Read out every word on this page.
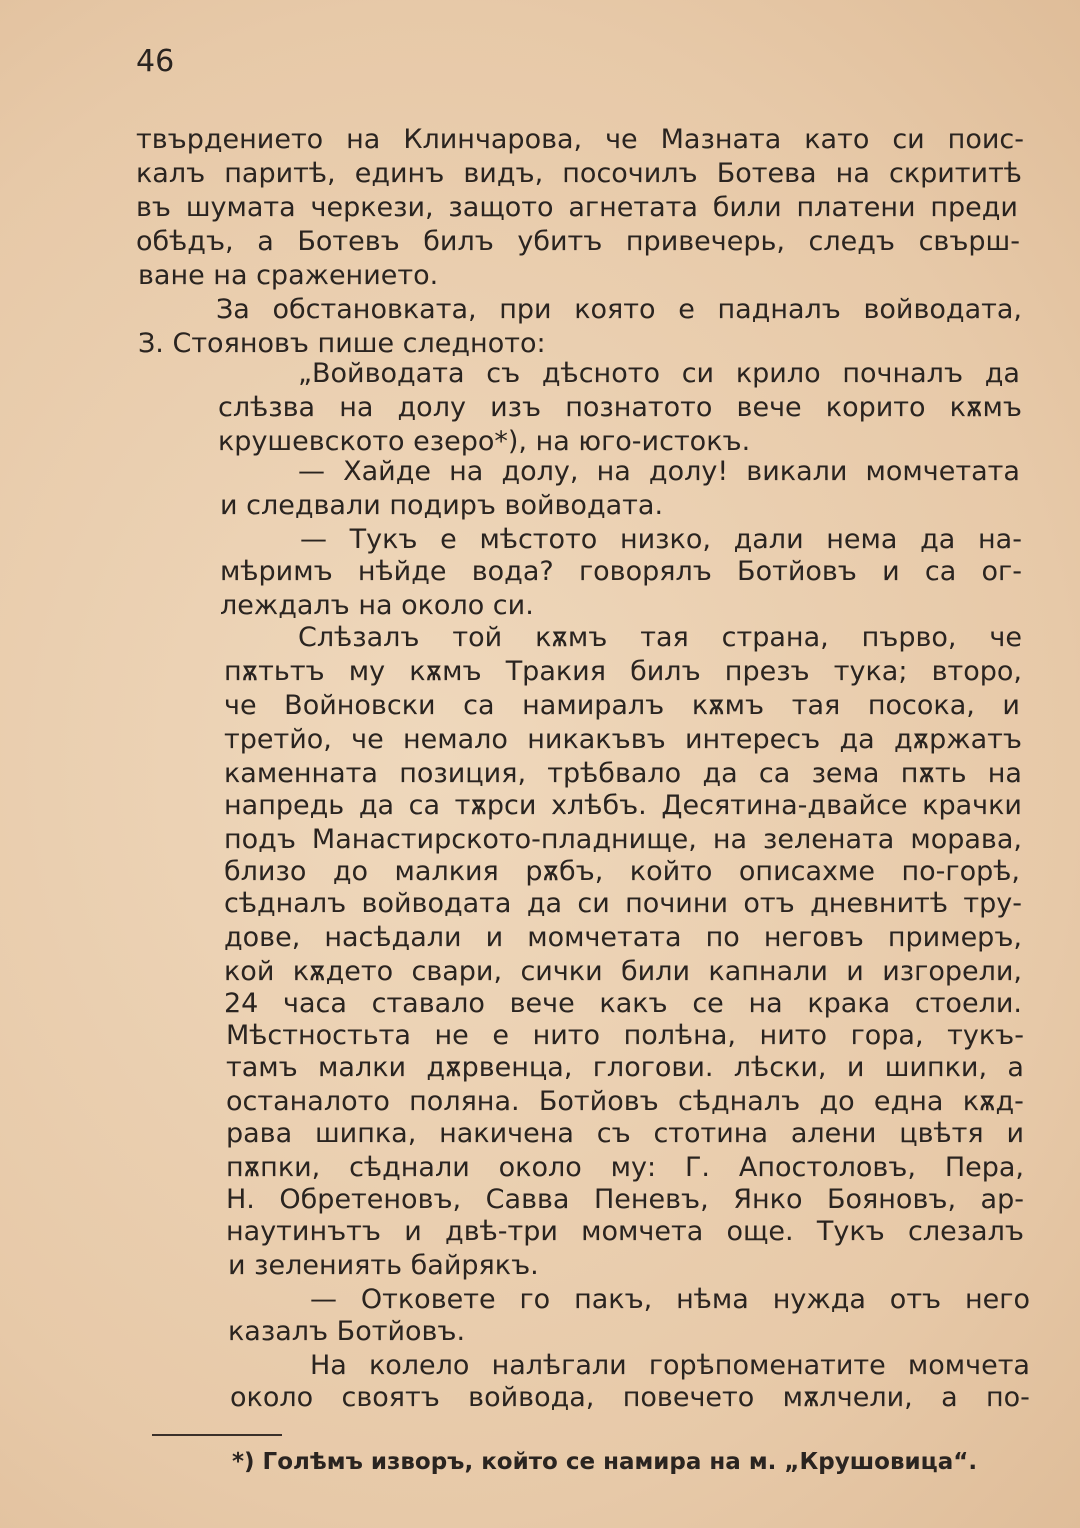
46
твърдението на Клинчарова, че Мазната като си поис-
калъ паритѣ, единъ видъ, посочилъ Ботева на скрититѣ
въ шумата черкези, защото агнетата били платени преди
обѣдъ, а Ботевъ билъ убитъ привечерь, следъ свърш-
ване на сражението.
За обстановката, при която е падналъ войводата,
З. Стояновъ пише следното:
„Войводата съ дѣсното си крило почналъ да
слѣзва на долу изъ познатото вече корито кѫмъ
крушевското езеро*), на юго-истокъ.
— Хайде на долу, на долу! викали момчетата
и следвали подиръ войводата.
— Тукъ е мѣстото низко, дали нема да на-
мѣримъ нѣйде вода? говорялъ Ботйовъ и са ог-
леждалъ на около си.
Слѣзалъ той кѫмъ тая страна, първо, че
пѫтьтъ му кѫмъ Тракия билъ презъ тука; второ,
че Войновски са намиралъ кѫмъ тая посока, и
третйо, че немало никакъвъ интересъ да дѫржатъ
каменната позиция, трѣбвало да са зема пѫть на
напредь да са тѫрси хлѣбъ. Десятина-двайсе крачки
подъ Манастирското-пладнище, на зелената морава,
близо до малкия рѫбъ, който описахме по-горѣ,
сѣдналъ войводата да си почини отъ дневнитѣ тру-
дове, насѣдали и момчетата по неговъ примеръ,
кой кѫдето свари, сички били капнали и изгорели,
24 часа ставало вече какъ се на крака стоели.
Мѣстностьта не е нито полѣна, нито гора, тукъ-
тамъ малки дѫрвенца, глогови. лѣски, и шипки, а
останалото поляна. Ботйовъ сѣдналъ до една кѫд-
рава шипка, накичена съ стотина алени цвѣтя и
пѫпки, сѣднали около му: Г. Апостоловъ, Пера,
Н. Обретеновъ, Савва Пеневъ, Янко Бояновъ, ар-
наутинътъ и двѣ-три момчета още. Тукъ слезалъ
и зелениять байрякъ.
— Отковете го пакъ, нѣма нужда отъ него
казалъ Ботйовъ.
На колело налѣгали горѣпоменатите момчета
около своятъ войвода, повечето мѫлчели, а по-
*) Голѣмъ изворъ, който се намира на м. „Крушовица“.
